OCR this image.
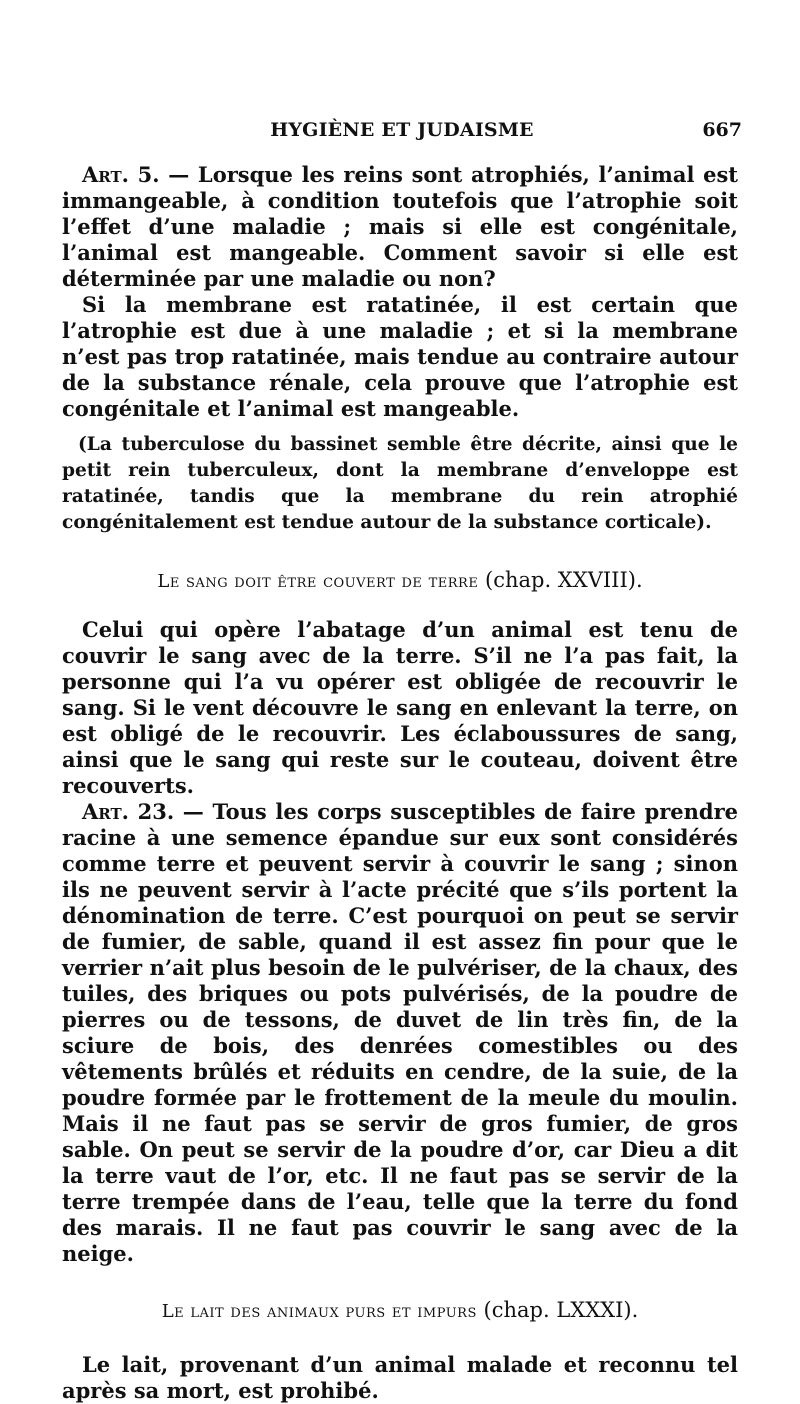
HYGIÈNE ET JUDAISME	667

Art. 5. — Lorsque les reins sont atrophiés, l’animal est immangeable, à condition toutefois que l’atrophie soit l’effet d’une maladie ; mais si elle est congénitale, l’animal est mangeable. Comment savoir si elle est déterminée par une maladie ou non?

Si la membrane est ratatinée, il est certain que l’atrophie est due à une maladie ; et si la membrane n’est pas trop ratatinée, mais tendue au contraire autour de la substance rénale, cela prouve que l’atrophie est congénitale et l’animal est mangeable.

(La tuberculose du bassinet semble être décrite, ainsi que le petit rein tuberculeux, dont la membrane d’enveloppe est ratatinée, tandis que la membrane du rein atrophié congénitalement est tendue autour de la substance corticale).
Le sang doit être couvert de terre (chap. XXVIII).

Celui qui opère l’abatage d’un animal est tenu de couvrir le sang avec de la terre. S’il ne l’a pas fait, la personne qui l’a vu opérer est obligée de recouvrir le sang. Si le vent découvre le sang en enlevant la terre, on est obligé de le recouvrir. Les éclaboussures de sang, ainsi que le sang qui reste sur le couteau, doivent être recouverts.

Art. 23. — Tous les corps susceptibles de faire prendre racine à une semence épandue sur eux sont considérés comme terre et peuvent servir à couvrir le sang ; sinon ils ne peuvent servir à l’acte précité que s’ils portent la dénomination de terre. C’est pourquoi on peut se servir de fumier, de sable, quand il est assez fin pour que le verrier n’ait plus besoin de le pulvériser, de la chaux, des tuiles, des briques ou pots pulvérisés, de la poudre de pierres ou de tessons, de duvet de lin très fin, de la sciure de bois, des denrées comestibles ou des vêtements brûlés et réduits en cendre, de la suie, de la poudre formée par le frottement de la meule du moulin. Mais il ne faut pas se servir de gros fumier, de gros sable. On peut se servir de la poudre d’or, car Dieu a dit la terre vaut de l’or, etc. Il ne faut pas se servir de la terre trempée dans de l’eau, telle que la terre du fond des marais. Il ne faut pas couvrir le sang avec de la neige.

Le lait des animaux purs et impurs (chap. LXXXI).

Le lait, provenant d’un animal malade et reconnu tel après sa mort, est prohibé.
